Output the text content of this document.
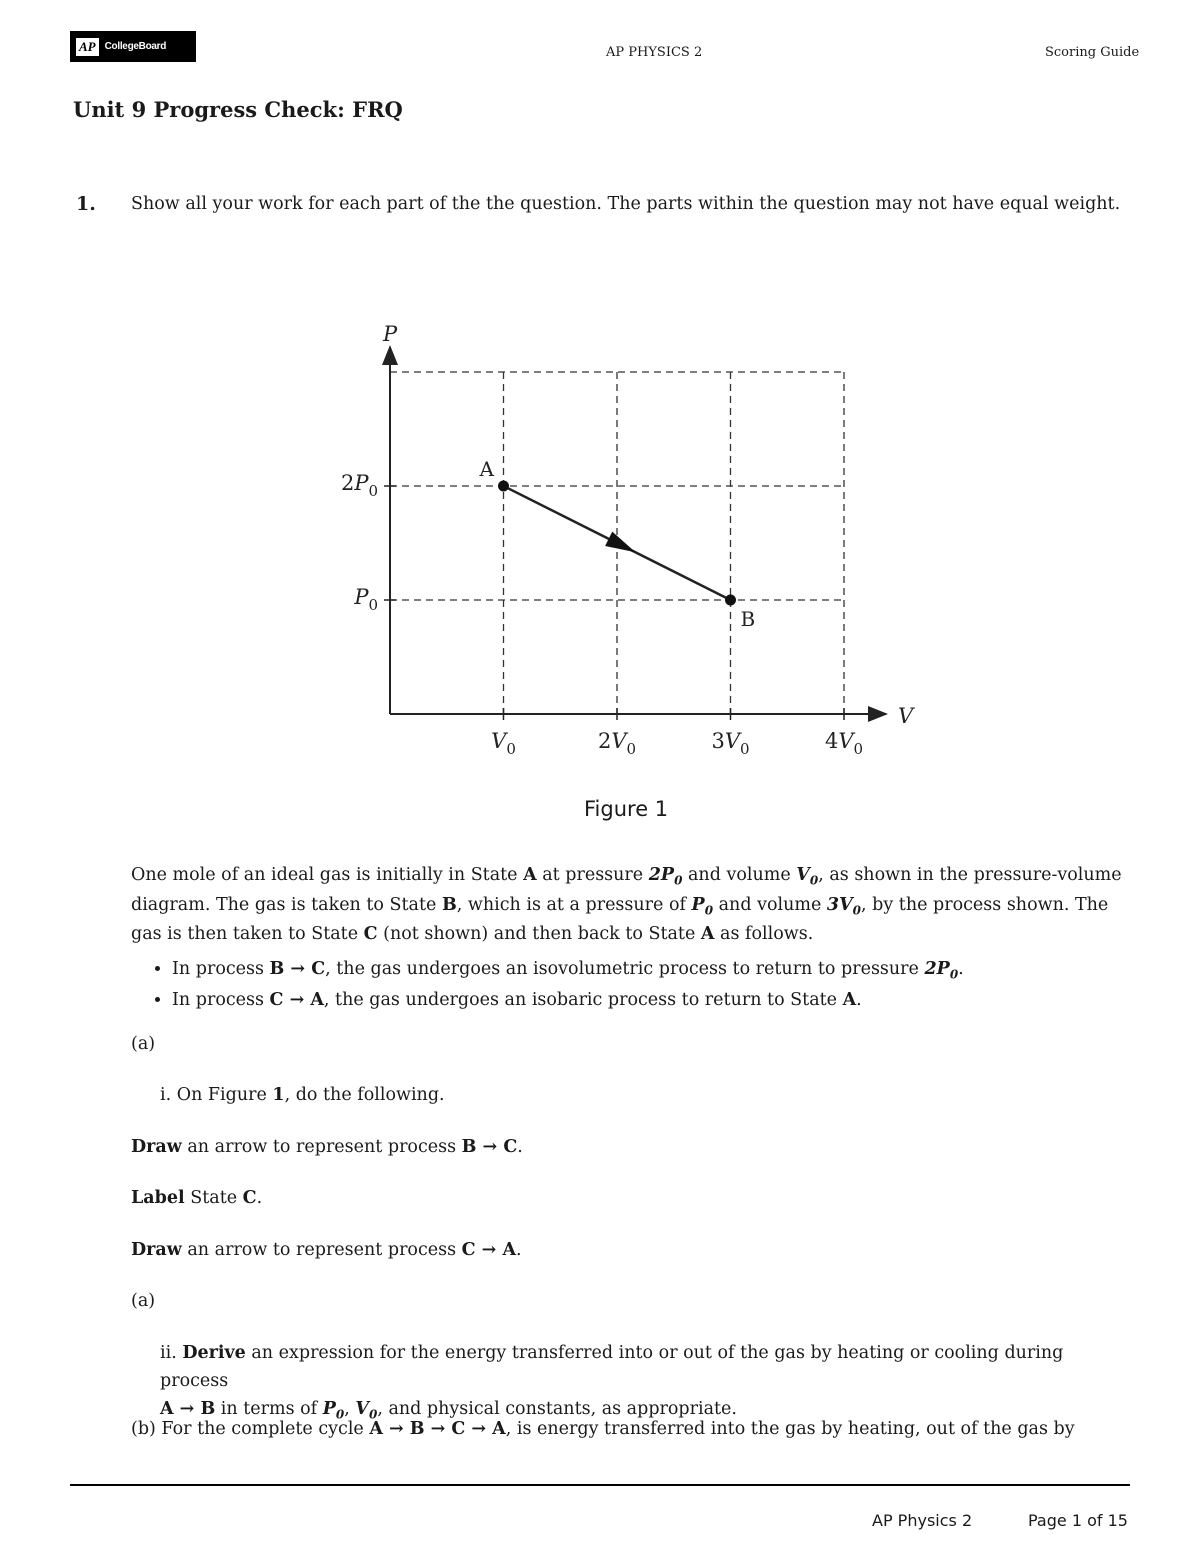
AP CollegeBoard	AP PHYSICS 2	Scoring Guide
Unit 9 Progress Check: FRQ
1. Show all your work for each part of the the question. The parts within the question may not have equal weight.
A
B
P
V
$2P_0$
$P_0$
$V_0$	$2V_0$	$3V_0$	$4V_0$
Figure 1
One mole of an ideal gas is initially in State A at pressure $2P_0$ and volume $V_0$, as shown in the pressure-volume diagram. The gas is taken to State B, which is at a pressure of $P_0$ and volume $3V_0$, by the process shown. The gas is then taken to State C (not shown) and then back to State A as follows.
• In process B → C, the gas undergoes an isovolumetric process to return to pressure $2P_0$.
• In process C → A, the gas undergoes an isobaric process to return to State A.
(a)
i. On Figure 1, do the following.
Draw an arrow to represent process B → C.
Label State C.
Draw an arrow to represent process C → A.
(a)
ii. Derive an expression for the energy transferred into or out of the gas by heating or cooling during process
A → B in terms of $P_0$, $V_0$, and physical constants, as appropriate.
(b) For the complete cycle A → B → C → A, is energy transferred into the gas by heating, out of the gas by
AP Physics 2	Page 1 of 15
